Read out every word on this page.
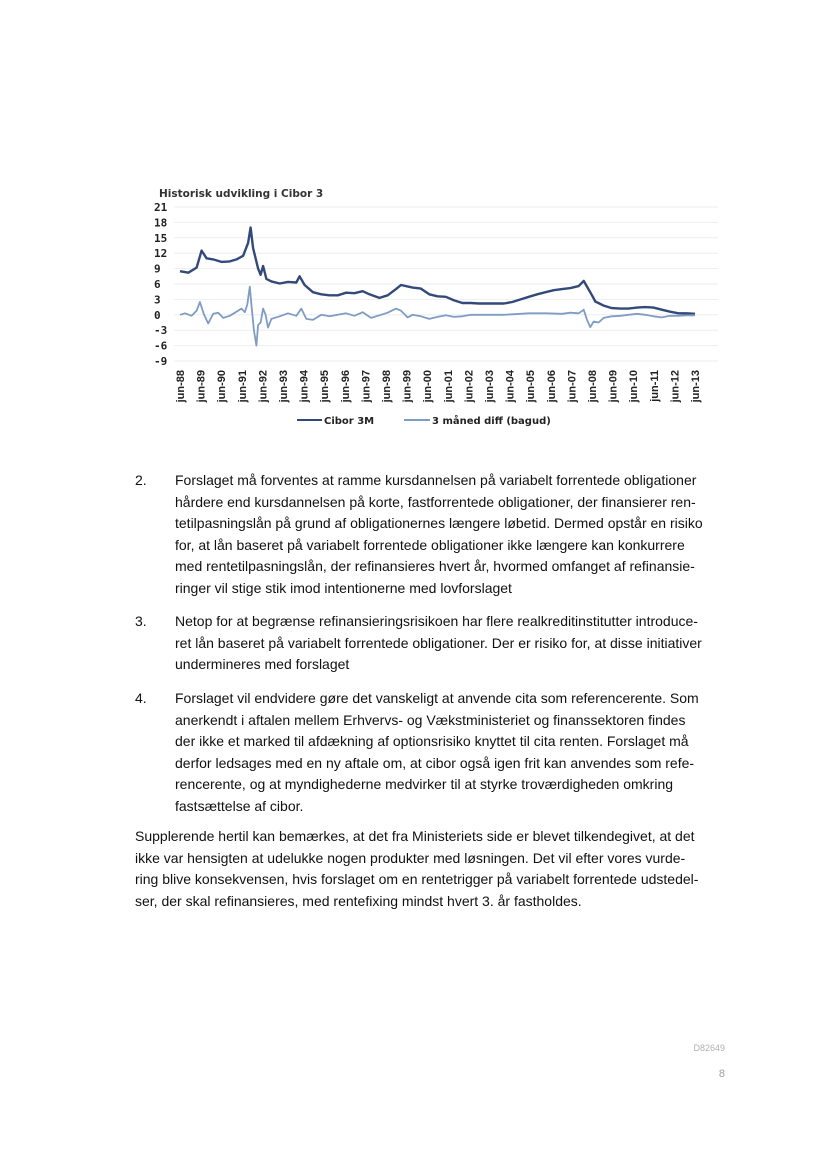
Historisk udvikling i Cibor 3
21
18
15
12
9
6
3
0
-3
-6
-9
jun-88 jun-89 jun-90 jun-91 jun-92 jun-93 jun-94 jun-95 jun-96 jun-97 jun-98 jun-99 jun-00 jun-01 jun-02 jun-03 jun-04 jun-05 jun-06 jun-07 jun-08 jun-09 jun-10 jun-11 jun-12 jun-13
Cibor 3M	3 måned diff (bagud)
2. Forslaget må forventes at ramme kursdannelsen på variabelt forrentede obligationer
hårdere end kursdannelsen på korte, fastforrentede obligationer, der finansierer ren-
tetilpasningslån på grund af obligationernes længere løbetid. Dermed opstår en risiko
for, at lån baseret på variabelt forrentede obligationer ikke længere kan konkurrere
med rentetilpasningslån, der refinansieres hvert år, hvormed omfanget af refinansie-
ringer vil stige stik imod intentionerne med lovforslaget
3. Netop for at begrænse refinansieringsrisikoen har flere realkreditinstitutter introduce-
ret lån baseret på variabelt forrentede obligationer. Der er risiko for, at disse initiativer
undermineres med forslaget
4. Forslaget vil endvidere gøre det vanskeligt at anvende cita som referencerente. Som
anerkendt i aftalen mellem Erhvervs- og Vækstministeriet og finanssektoren findes
der ikke et marked til afdækning af optionsrisiko knyttet til cita renten. Forslaget må
derfor ledsages med en ny aftale om, at cibor også igen frit kan anvendes som refe-
rencerente, og at myndighederne medvirker til at styrke troværdigheden omkring
fastsættelse af cibor.
Supplerende hertil kan bemærkes, at det fra Ministeriets side er blevet tilkendegivet, at det
ikke var hensigten at udelukke nogen produkter med løsningen. Det vil efter vores vurde-
ring blive konsekvensen, hvis forslaget om en rentetrigger på variabelt forrentede udstedel-
ser, der skal refinansieres, med rentefixing mindst hvert 3. år fastholdes.
D82649
8
